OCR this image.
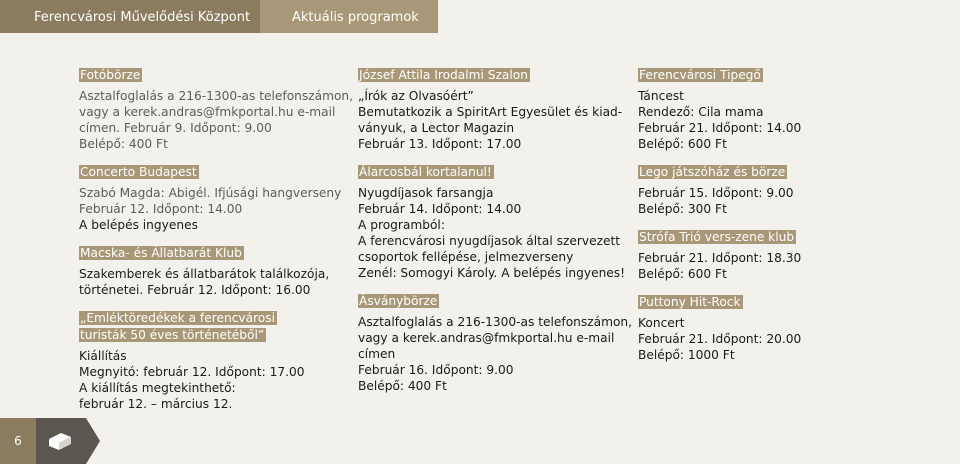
Ferencvárosi Művelődési Központ	Aktuális programok
Fotóbörze
Asztalfoglalás a 216-1300-as telefonszámon,
vagy a kerek.andras@fmkportal.hu e-mail
címen. Február 9. Időpont: 9.00
Belépő: 400 Ft
Concerto Budapest
Szabó Magda: Abigél. Ifjúsági hangverseny
Február 12. Időpont: 14.00
A belépés ingyenes
Macska- és Állatbarát Klub
Szakemberek és állatbarátok találkozója,
történetei. Február 12. Időpont: 16.00
„Emléktöredékek a ferencvárosi turisták 50 éves történetéből”
Kiállítás
Megnyitó: február 12. Időpont: 17.00
A kiállítás megtekinthető:
február 12. – március 12.
József Attila Irodalmi Szalon
„Írók az Olvasóért”
Bemutatkozik a SpiritArt Egyesület és kiad-
ványuk, a Lector Magazin
Február 13. Időpont: 17.00
Álarcosbál kortalanul!
Nyugdíjasok farsangja
Február 14. Időpont: 14.00
A programból:
A ferencvárosi nyugdíjasok által szervezett
csoportok fellépése, jelmezverseny
Zenél: Somogyi Károly. A belépés ingyenes!
Ásványbörze
Asztalfoglalás a 216-1300-as telefonszámon,
vagy a kerek.andras@fmkportal.hu e-mail
címen
Február 16. Időpont: 9.00
Belépő: 400 Ft
Ferencvárosi Tipegő
Táncest
Rendező: Cila mama
Február 21. Időpont: 14.00
Belépő: 600 Ft
Lego játszóház és börze
Február 15. Időpont: 9.00
Belépő: 300 Ft
Strófa Trió vers-zene klub
Február 21. Időpont: 18.30
Belépő: 600 Ft
Puttony Hit-Rock
Koncert
Február 21. Időpont: 20.00
Belépő: 1000 Ft
6
